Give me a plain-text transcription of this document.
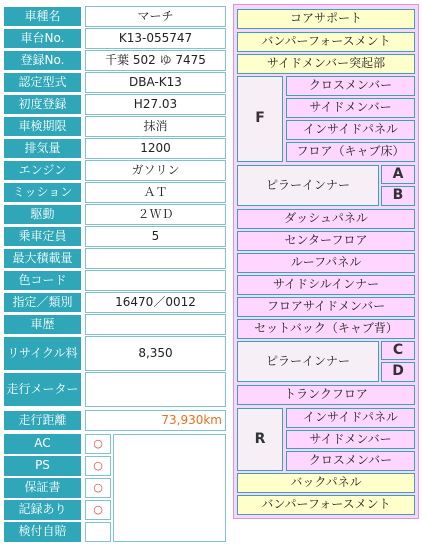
車種名	マーチ
車台No.	K13-055747
登録No.	千葉 502 ゆ 7475
認定型式	DBA-K13
初度登録	H27.03
車検期限	抹消
排気量	1200
エンジン	ガソリン
ミッション	ＡＴ
駆動	２ＷＤ
乗車定員	5
最大積載量
色コード
指定／類別	16470／0012
車歴
リサイクル料	8,350
走行メーター
走行距離	73,930km
AC	○
PS	○
保証書	○
記録あり	○
検付自賠
コアサポート
バンパーフォースメント
サイドメンバー突起部
F
クロスメンバー
サイドメンバー
インサイドパネル
フロア（キャブ床）
ピラーインナー
A
B
ダッシュパネル
センターフロア
ルーフパネル
サイドシルインナー
フロアサイドメンバー
セットバック（キャブ背）
ピラーインナー
C
D
トランクフロア
R
インサイドパネル
サイドメンバー
クロスメンバー
バックパネル
バンパーフォースメント
